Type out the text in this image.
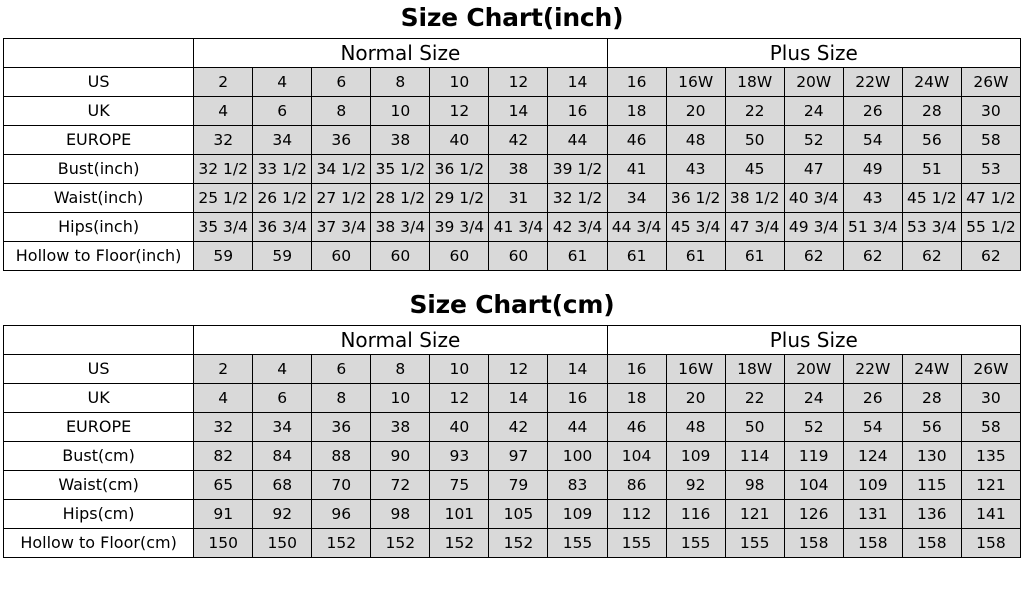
Size Chart(inch)
	Normal Size							Plus Size						
US	2	4	6	8	10	12	14	16	16W	18W	20W	22W	24W	26W
UK	4	6	8	10	12	14	16	18	20	22	24	26	28	30
EUROPE	32	34	36	38	40	42	44	46	48	50	52	54	56	58
Bust(inch)	32 1/2	33 1/2	34 1/2	35 1/2	36 1/2	38	39 1/2	41	43	45	47	49	51	53
Waist(inch)	25 1/2	26 1/2	27 1/2	28 1/2	29 1/2	31	32 1/2	34	36 1/2	38 1/2	40 3/4	43	45 1/2	47 1/2
Hips(inch)	35 3/4	36 3/4	37 3/4	38 3/4	39 3/4	41 3/4	42 3/4	44 3/4	45 3/4	47 3/4	49 3/4	51 3/4	53 3/4	55 1/2
Hollow to Floor(inch)	59	59	60	60	60	60	61	61	61	61	62	62	62	62
Size Chart(cm)
	Normal Size							Plus Size						
US	2	4	6	8	10	12	14	16	16W	18W	20W	22W	24W	26W
UK	4	6	8	10	12	14	16	18	20	22	24	26	28	30
EUROPE	32	34	36	38	40	42	44	46	48	50	52	54	56	58
Bust(cm)	82	84	88	90	93	97	100	104	109	114	119	124	130	135
Waist(cm)	65	68	70	72	75	79	83	86	92	98	104	109	115	121
Hips(cm)	91	92	96	98	101	105	109	112	116	121	126	131	136	141
Hollow to Floor(cm)	150	150	152	152	152	152	155	155	155	155	158	158	158	158
